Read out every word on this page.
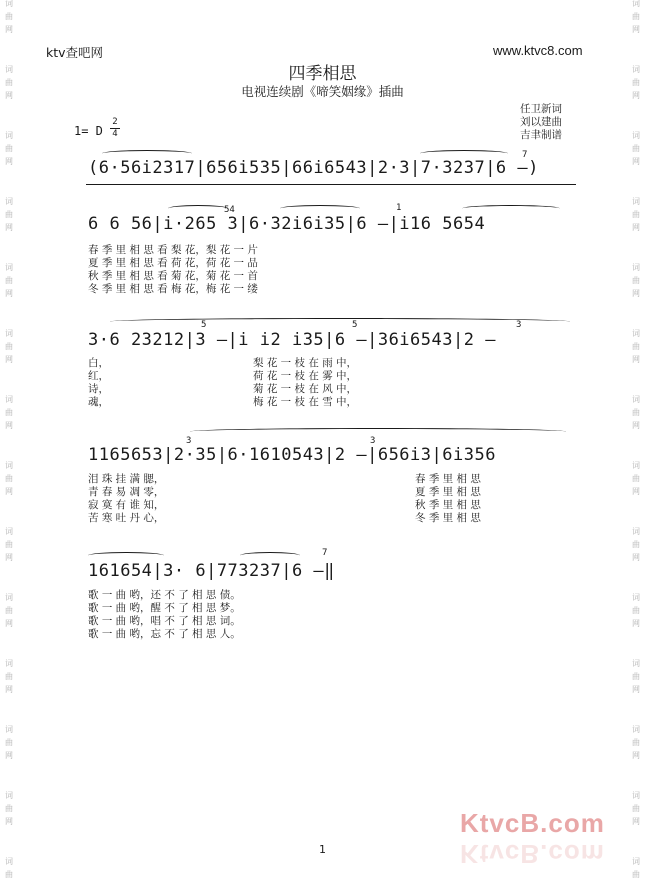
词
曲
网
词
曲
网
词
曲
网
词
曲
网
词
曲
网
词
曲
网
词
曲
网
词
曲
网
词
曲
网
词
曲
网
词
曲
网
词
曲
网
词
曲
网
词
曲
词
曲
网
词
曲
网
词
曲
网
词
曲
网
词
曲
网
词
曲
网
词
曲
网
词
曲
网
词
曲
网
词
曲
网
词
曲
网
词
曲
网
词
曲
网
词
曲
ktv查吧网	www.ktvc8.com
四季相思
电视连续剧《啼笑姻缘》插曲
任卫新词
刘以建曲
吉聿制谱
1= D
2
4
7
(6·56i2317|656i535|66i6543|2·3|7·3237|6 —)
54	1
6 6 56|i·265 3|6·32i6i35|6 —|i16 5654
春 季 里 相 思 看 梨 花，梨 花 一 片
夏 季 里 相 思 看 荷 花，荷 花 一 品
秋 季 里 相 思 看 菊 花，菊 花 一 首
冬 季 里 相 思 看 梅 花，梅 花 一 缕
5	5	3
3·6 23212|3 —|i i2 i35|6 —|36i6543|2 —
白，
红，
诗，
魂，
梨 花 一 枝 在 雨 中，
荷 花 一 枝 在 雾 中，
菊 花 一 枝 在 风 中，
梅 花 一 枝 在 雪 中，
3	3
1165653|2·35|6·1610543|2 —|656i3|6i356
泪 珠 挂 满 腮，
青 春 易 凋 零，
寂 寞 有 谁 知，
苦 寒 吐 丹 心，
春 季 里 相 思
夏 季 里 相 思
秋 季 里 相 思
冬 季 里 相 思
7
161654|3· 6|773237|6 —‖
歌 一 曲 哟，还 不 了 相 思 债。
歌 一 曲 哟，醒 不 了 相 思 梦。
歌 一 曲 哟，唱 不 了 相 思 词。
歌 一 曲 哟，忘 不 了 相 思 人。
KtvcB.com
KtvcB.com
1
